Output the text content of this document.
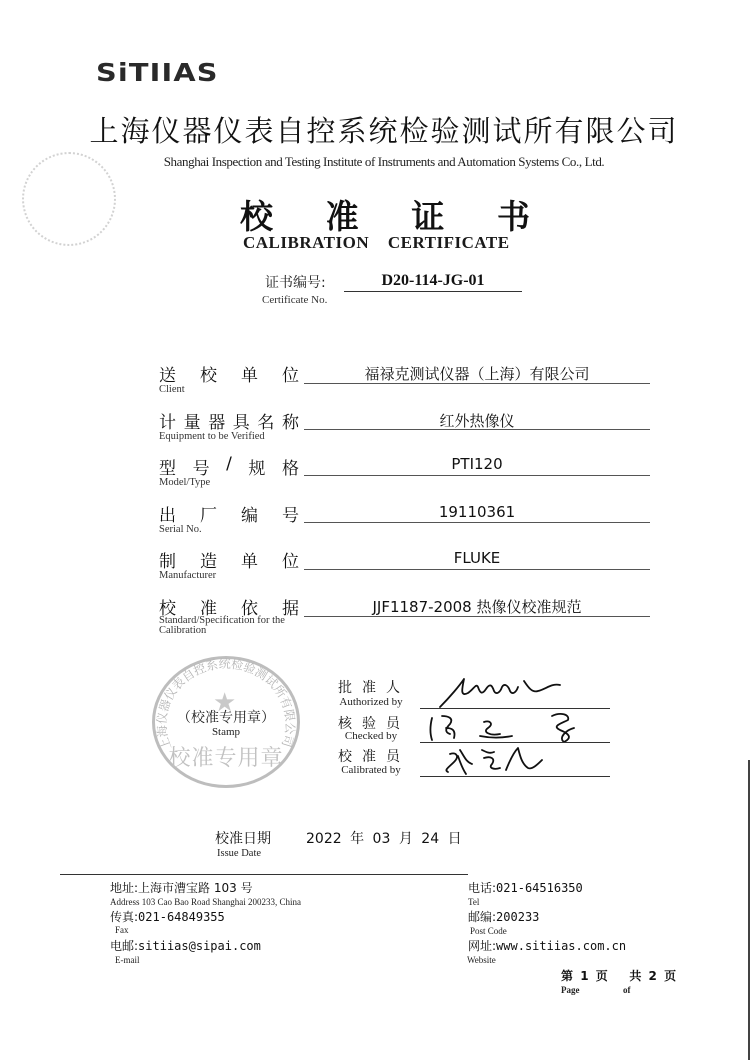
SiTIIAS
上海仪器仪表自控系统检验测试所有限公司
Shanghai Inspection and Testing Institute of Instruments and Automation Systems Co., Ltd.
校 准 证 书
CALIBRATION CERTIFICATE
证书编号:
Certificate No.
D20-114-JG-01
送 校 单 位
Client
福禄克测试仪器（上海）有限公司
计 量 器 具 名 称
Equipment to be Verified
红外热像仪
型 号 / 规 格
Model/Type
PTI120
出 厂 编 号
Serial No.
19110361
制 造 单 位
Manufacturer
FLUKE
校 准 依 据
Standard/Specification for the Calibration
JJF1187-2008 热像仪校准规范
上海仪器仪表自控系统检验测试所有限公司
★
（校准专用章）
Stamp
校准专用章
批 准 人
Authorized by
核 验 员
Checked by
校 准 员
Calibrated by
校准日期
Issue Date
2022 年 03 月 24 日
地址:上海市漕宝路 103 号
Address 103 Cao Bao Road Shanghai 200233, China
传真:021-64849355
Fax
电邮:sitiias@sipai.com
E-mail
电话:021-64516350
Tel
邮编:200233
Post Code
网址:www.sitiias.com.cn
Website
第 1 页 共 2 页
Page	of
